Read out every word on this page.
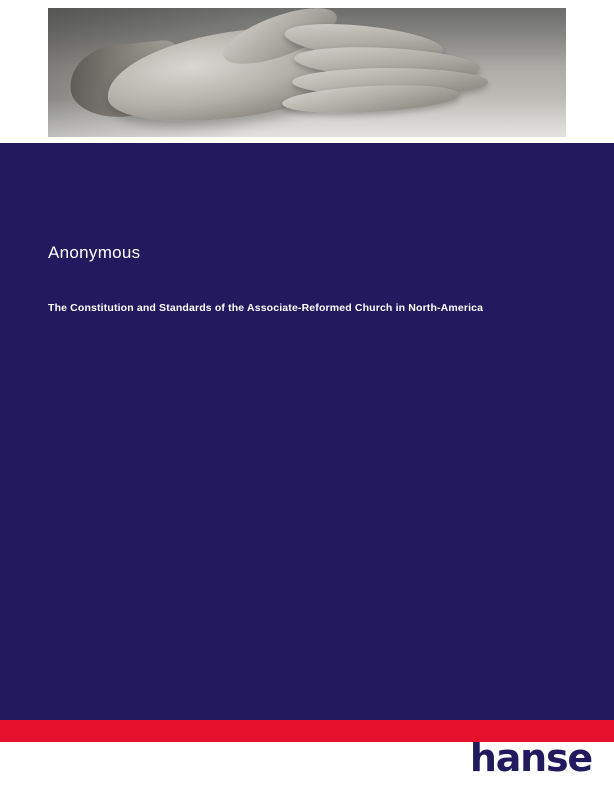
Anonymous
The Constitution and Standards of the Associate-Reformed Church in North-America
hanse
